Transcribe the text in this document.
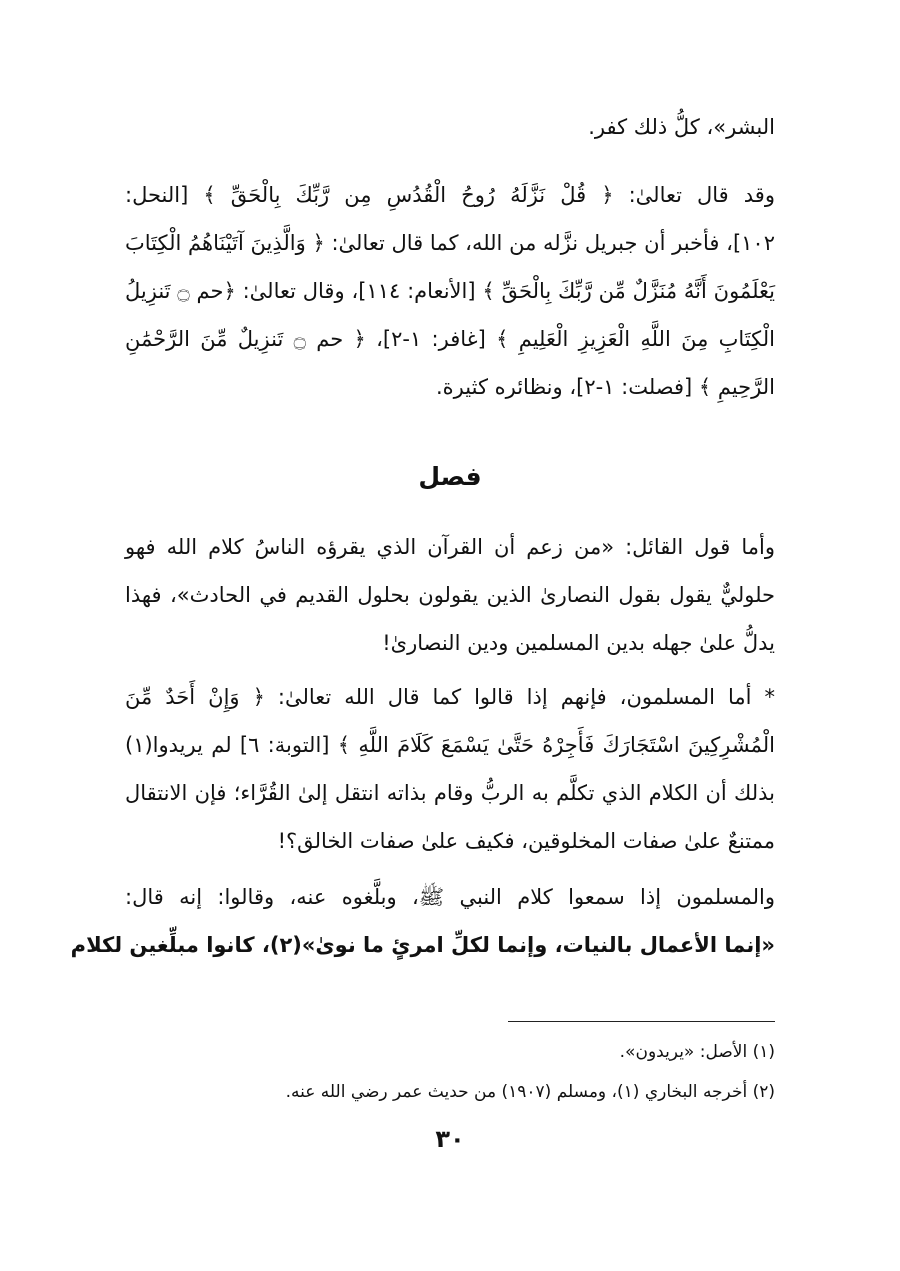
البشر»، كلُّ ذلك كفر.
وقد قال تعالىٰ: ﴿ قُلْ نَزَّلَهُ رُوحُ الْقُدُسِ مِن رَّبِّكَ بِالْحَقِّ ﴾ [النحل:
١٠٢]، فأخبر أن جبريل نزَّله من الله، كما قال تعالىٰ: ﴿ وَالَّذِينَ آتَيْنَاهُمُ الْكِتَابَ
يَعْلَمُونَ أَنَّهُ مُنَزَّلٌ مِّن رَّبِّكَ بِالْحَقِّ ﴾ [الأنعام: ١١٤]، وقال تعالىٰ: ﴿حم ۝ تَنزِيلُ
الْكِتَابِ مِنَ اللَّهِ الْعَزِيزِ الْعَلِيمِ ﴾ [غافر: ١-٢]، ﴿ حم ۝ تَنزِيلٌ مِّنَ الرَّحْمَٰنِ
الرَّحِيمِ ﴾ [فصلت: ١-٢]، ونظائره كثيرة.
فصل
وأما قول القائل: «من زعم أن القرآن الذي يقرؤه الناسُ كلام الله فهو
حلوليٌّ يقول بقول النصارىٰ الذين يقولون بحلول القديم في الحادث»، فهذا
يدلُّ علىٰ جهله بدين المسلمين ودين النصارىٰ!
* أما المسلمون، فإنهم إذا قالوا كما قال الله تعالىٰ: ﴿ وَإِنْ أَحَدٌ مِّنَ
الْمُشْرِكِينَ اسْتَجَارَكَ فَأَجِرْهُ حَتَّىٰ يَسْمَعَ كَلَامَ اللَّهِ ﴾ [التوبة: ٦] لم يريدوا(١)
بذلك أن الكلام الذي تكلَّم به الربُّ وقام بذاته انتقل إلىٰ القُرَّاء؛ فإن الانتقال
ممتنعٌ علىٰ صفات المخلوقين، فكيف علىٰ صفات الخالق؟!
والمسلمون إذا سمعوا كلام النبي ﷺ، وبلَّغوه عنه، وقالوا: إنه قال:
«إنما الأعمال بالنيات، وإنما لكلِّ امرئٍ ما نوىٰ»(٢)، كانوا مبلِّغين لكلام
(١) الأصل: «يريدون».
(٢) أخرجه البخاري (١)، ومسلم (١٩٠٧) من حديث عمر رضي الله عنه.
٣٠
